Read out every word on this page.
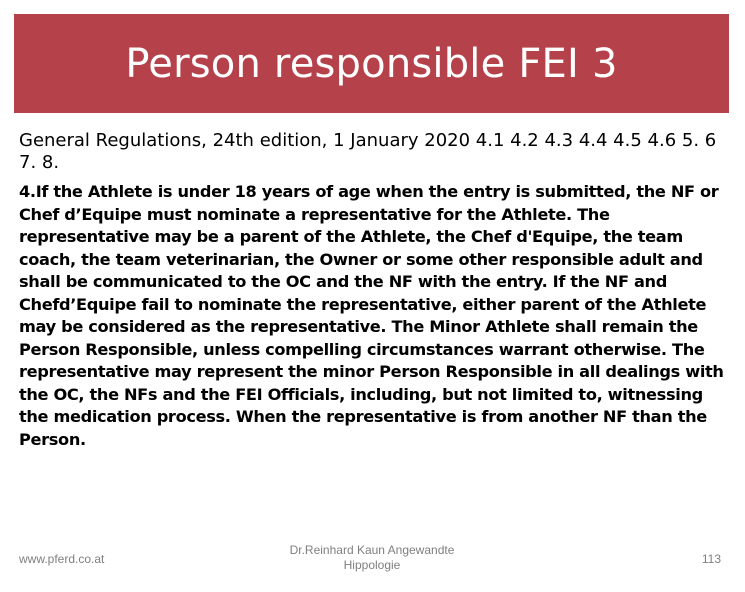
Person responsible FEI 3
General Regulations, 24th edition, 1 January 2020 4.1 4.2 4.3 4.4 4.5 4.6 5. 6 7. 8.
4.If the Athlete is under 18 years of age when the entry is submitted, the NF or Chef d’Equipe must nominate a representative for the Athlete. The representative may be a parent of the Athlete, the Chef d'Equipe, the team coach, the team veterinarian, the Owner or some other responsible adult and shall be communicated to the OC and the NF with the entry. If the NF and Chefd’Equipe fail to nominate the representative, either parent of the Athlete may be considered as the representative. The Minor Athlete shall remain the Person Responsible, unless compelling circumstances warrant otherwise. The representative may represent the minor Person Responsible in all dealings with the OC, the NFs and the FEI Officials, including, but not limited to, witnessing the medication process. When the representative is from another NF than the Person.
www.pferd.co.at
Dr.Reinhard Kaun Angewandte
Hippologie	113
